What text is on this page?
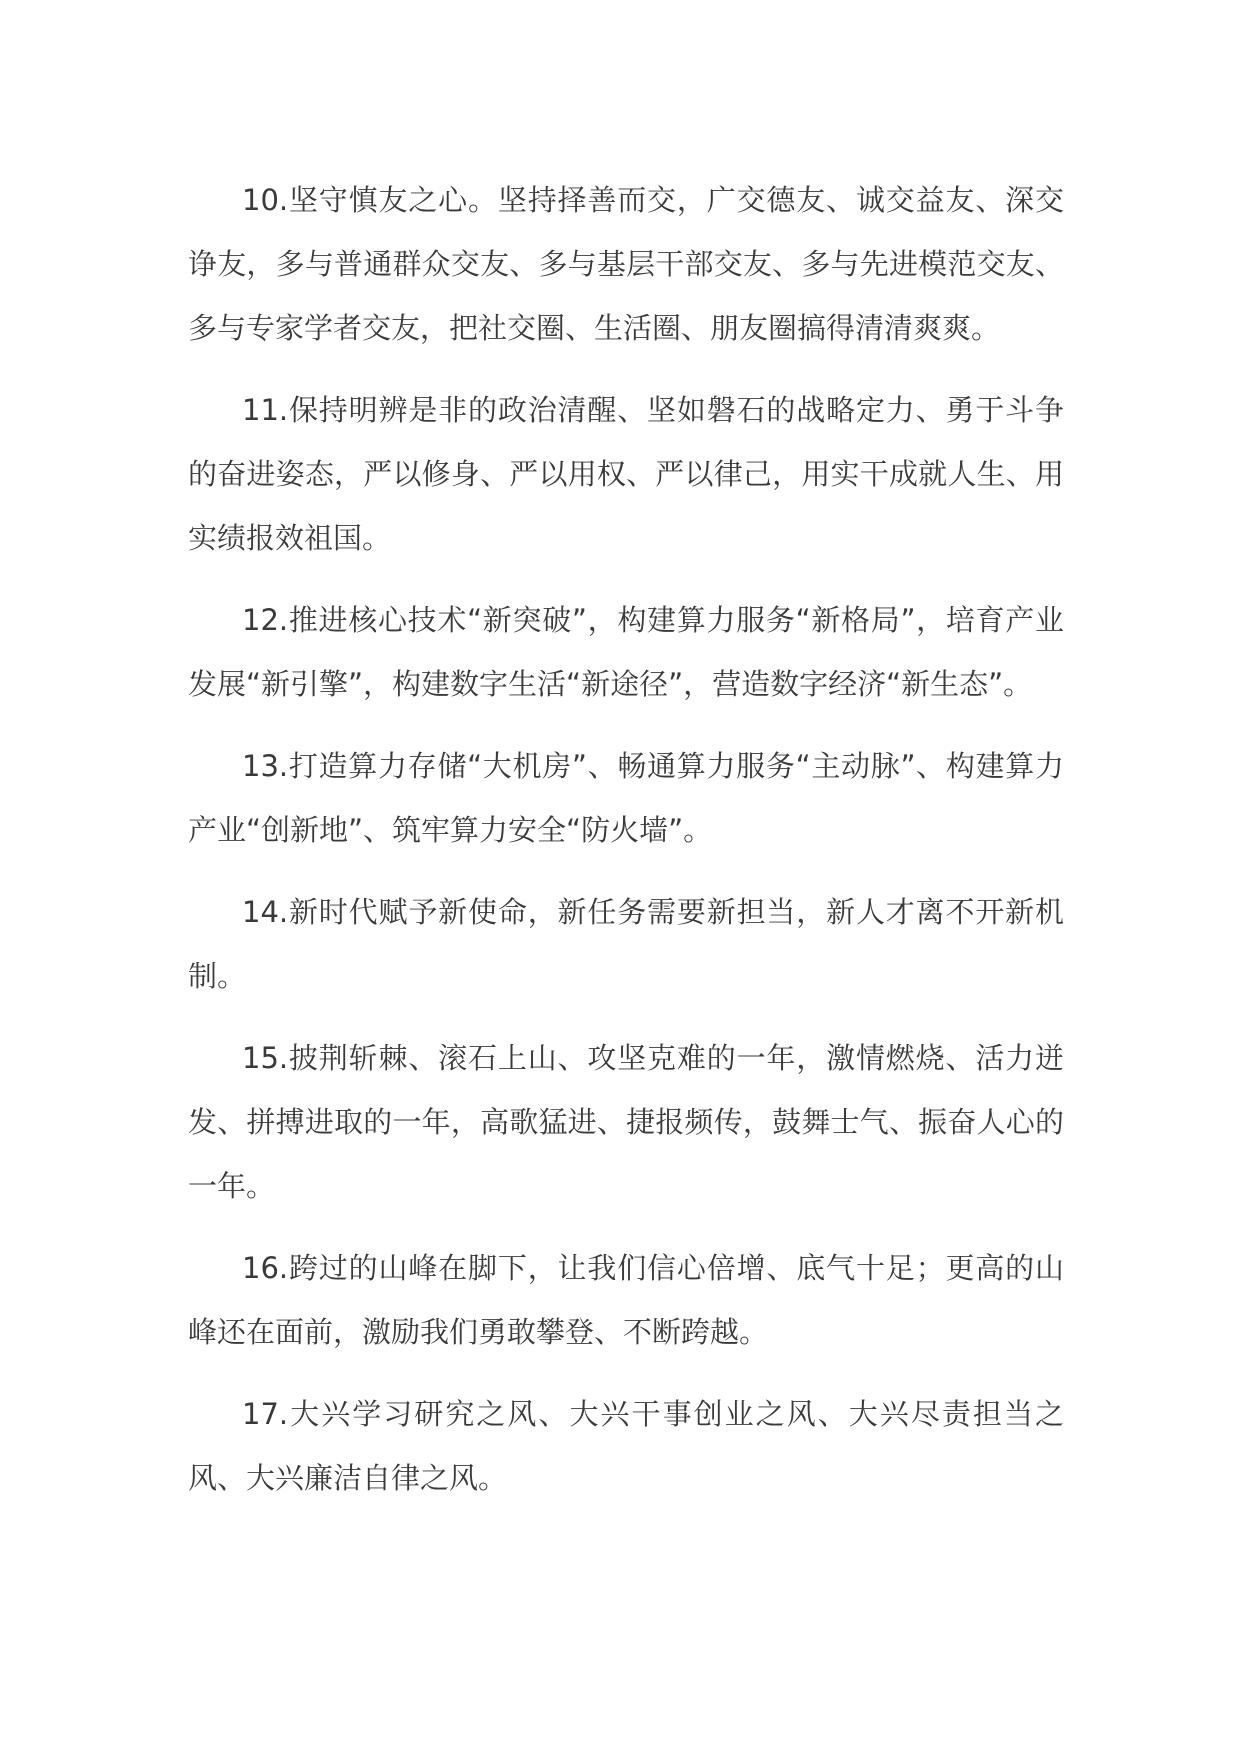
10.坚守慎友之心。坚持择善而交，广交德友、诚交益友、深交诤友，多与普通群众交友、多与基层干部交友、多与先进模范交友、多与专家学者交友，把社交圈、生活圈、朋友圈搞得清清爽爽。

11.保持明辨是非的政治清醒、坚如磐石的战略定力、勇于斗争的奋进姿态，严以修身、严以用权、严以律己，用实干成就人生、用实绩报效祖国。

12.推进核心技术“新突破”，构建算力服务“新格局”，培育产业发展“新引擎”，构建数字生活“新途径”，营造数字经济“新生态”。

13.打造算力存储“大机房”、畅通算力服务“主动脉”、构建算力产业“创新地”、筑牢算力安全“防火墙”。

14.新时代赋予新使命，新任务需要新担当，新人才离不开新机制。

15.披荆斩棘、滚石上山、攻坚克难的一年，激情燃烧、活力迸发、拼搏进取的一年，高歌猛进、捷报频传，鼓舞士气、振奋人心的一年。

16.跨过的山峰在脚下，让我们信心倍增、底气十足；更高的山峰还在面前，激励我们勇敢攀登、不断跨越。

17.大兴学习研究之风、大兴干事创业之风、大兴尽责担当之风、大兴廉洁自律之风。
